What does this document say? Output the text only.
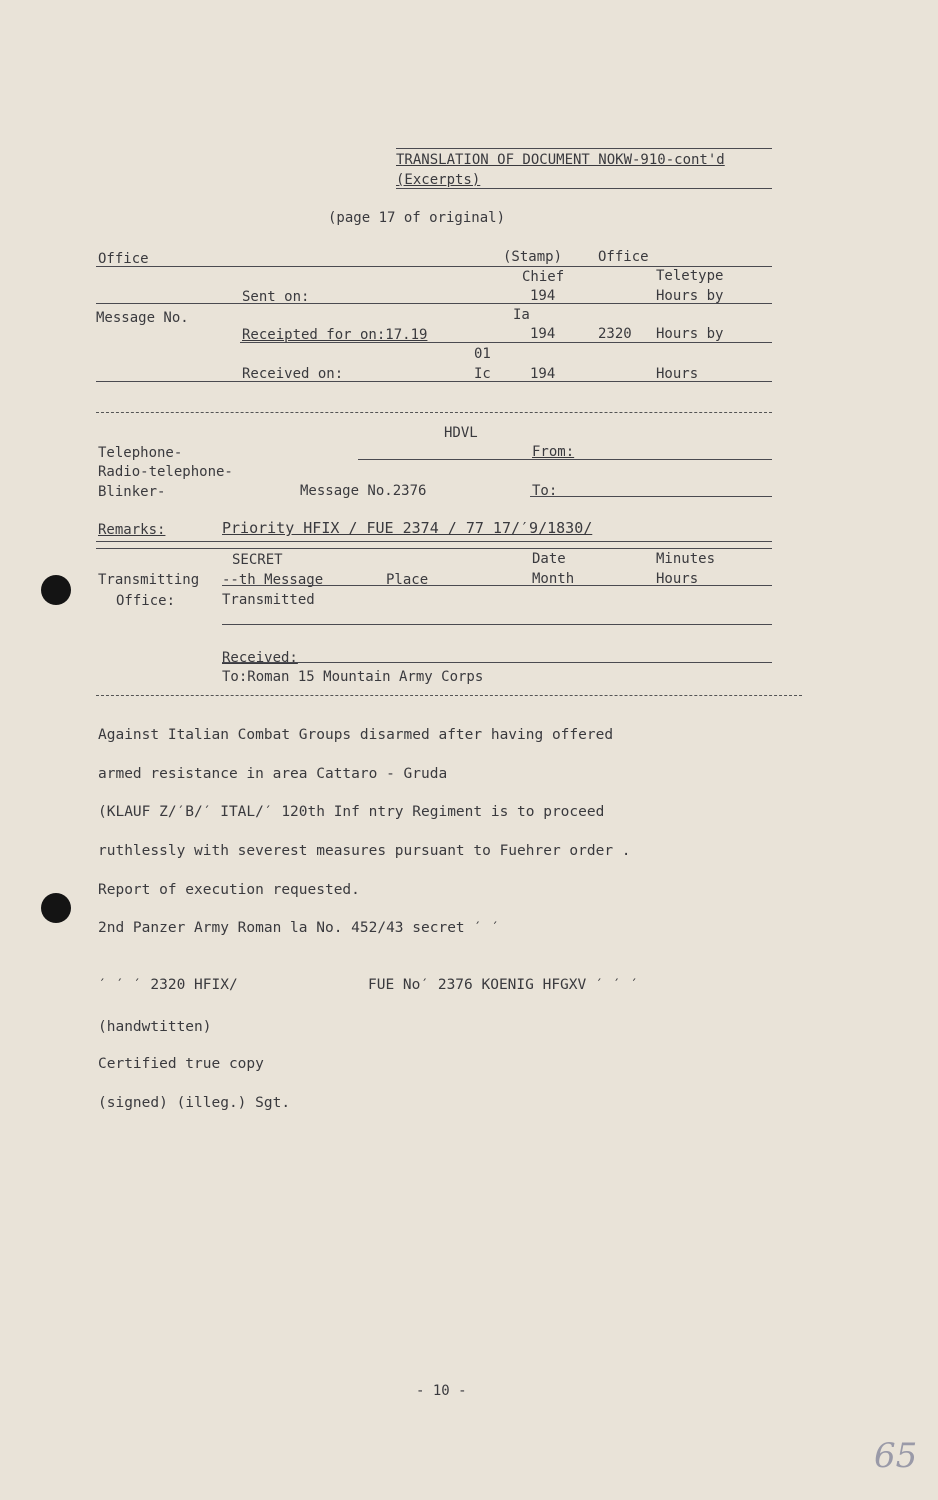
TRANSLATION OF DOCUMENT NOKW-910-cont'd
(Excerpts)
(page 17 of original)
Office	(Stamp)	Office
Chief	Teletype
Sent on:	194	Hours by
Message No.	Ia
Receipted for on:17.19	194	2320 Hours by
01
Received on:	Ic	194	Hours
HDVL
Telephone-	From:
Radio-telephone-
Blinker-	Message No.2376	To:
Remarks:	Priority HFIX / FUE 2374 / 77 17/′9/1830/
SECRET	Date	Minutes
Transmitting --th Message	Place	Month	Hours
Office:	Transmitted
Received:
To:Roman 15 Mountain Army Corps
Against Italian Combat Groups disarmed after having offered
armed resistance in area Cattaro - Gruda
(KLAUF Z/′B/′ ITAL/′ 120th Inf ntry Regiment is to proceed
ruthlessly with severest measures pursuant to Fuehrer order .
Report of execution requested.
2nd Panzer Army Roman la No. 452/43 secret ′ ′
′ ′ ′ 2320 HFIX/	FUE No′ 2376 KOENIG HFGXV ′ ′ ′
(handwtitten)
Certified true copy
(signed) (illeg.) Sgt.
- 10 -
65
